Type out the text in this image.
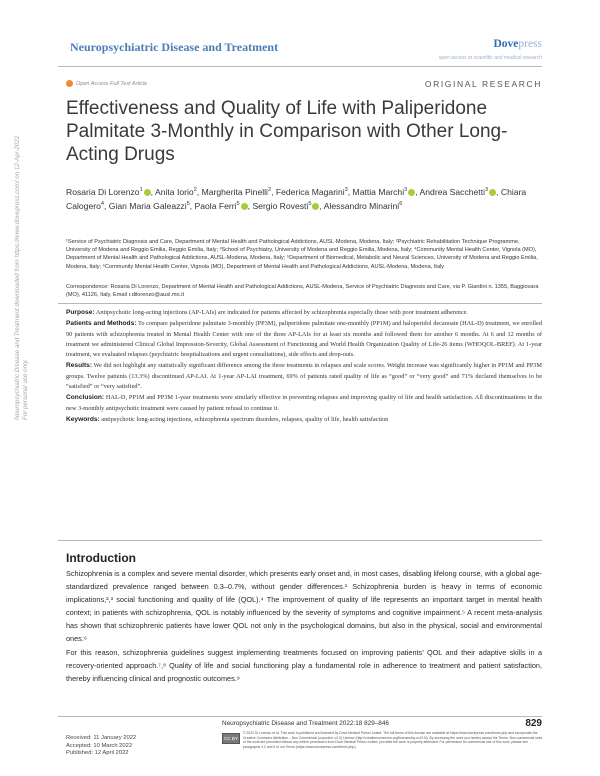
Neuropsychiatric Disease and Treatment	Dovepress
open access to scientific and medical research
Open Access Full Text Article	ORIGINAL RESEARCH
Effectiveness and Quality of Life with Paliperidone Palmitate 3-Monthly in Comparison with Other Long-Acting Drugs
Rosaria Di Lorenzo$^1$ , Anita Iorio$^2$, Margherita Pinelli$^2$, Federica Magarini$^3$, Mattia Marchi$^3$ , Andrea Sacchetti$^3$ , Chiara Calogero$^4$, Gian Maria Galeazzi$^5$, Paola Ferri$^5$ , Sergio Rovesti$^5$ , Alessandro Minarini$^6$
¹Service of Psychiatric Diagnosis and Care, Department of Mental Health and Pathological Addictions, AUSL-Modena, Modena, Italy; ²Psychiatric Rehabilitation Technique Programme, University of Modena and Reggio Emilia, Reggio Emilia, Italy; ³School of Psychiatry, University of Modena and Reggio Emilia, Modena, Italy; ⁴Community Mental Health Center, Vignola (MO), Department of Mental Health and Pathological Addictions, AUSL-Modena, Modena, Italy; ⁵Department of Biomedical, Metabolic and Neural Sciences, University of Modena and Reggio Emilia, Modena, Italy; ⁶Community Mental Health Center, Vignola (MO), Department of Mental Health and Pathological Addictions, AUSL-Modena, Modena, Italy
Correspondence: Rosaria Di Lorenzo, Department of Mental Health and Pathological Addictions, AUSL-Modena, Service of Psychiatric Diagnosis and Care, via P. Giardini n. 1355, Baggiovara (MO), 41126, Italy, Email r.dilorenzo@ausl.mo.it

Purpose: Antipsychotic long-acting injections (AP-LAIs) are indicated for patients affected by schizophrenia especially those with poor treatment adherence.

Patients and Methods: To compare paliperidone palmitate 3-monthly (PP3M), paliperidone palmitate one-monthly (PP1M) and haloperidol decanoate (HAL-D) treatment, we enrolled 90 patients with schizophrenia treated in Mental Health Center with one of the three AP-LAIs for at least six months and followed them for another 6 months. At 6 and 12 months of treatment we administered Clinical Global Impression-Severity, Global Assessment of Functioning and World Health Organization Quality of Life-26 items (WHOQOL-BREF). At 1-year treatment, we evaluated relapses (psychiatric hospitalizations and urgent consultations), side effects and drop-outs.

Results: We did not highlight any statistically significant difference among the three treatments in relapses and scale scores. Weight increase was significantly higher in PP1M and PP3M groups. Twelve patients (13.3%) discontinued AP-LAI. At 1-year AP-LAI treatment, 69% of patients rated quality of life as “good” or “very good” and 71% declared themselves to be “satisfied” or “very satisfied”.

Conclusion: HAL-D, PP1M and PP3M 1-year treatments were similarly effective in preventing relapses and improving quality of life and health satisfaction. All discontinuations in the new 3-monthly antipsychotic treatment were caused by patient refusal to continue it.

Keywords: antipsychotic long-acting injections, schizophrenia spectrum disorders, relapses, quality of life, health satisfaction

Introduction

Schizophrenia is a complex and severe mental disorder, which presents early onset and, in most cases, disabling lifelong course, with a global age-standardized prevalence ranged between 0.3–0.7%, without gender differences.¹ Schizophrenia burden is heavy in terms of economic implications,²,³ social functioning and quality of life (QOL).⁴ The improvement of quality of life represents an important target in mental health context; in patients with schizophrenia, QOL is notably influenced by the severity of symptoms and cognitive impairment.⁵ A recent meta-analysis has shown that schizophrenic patients have lower QOL not only in the psychological domains, but also in the physical, social and environmental ones.⁶

For this reason, schizophrenia guidelines suggest implementing treatments focused on improving patients’ QOL and their adaptive skills in a recovery-oriented approach.⁷,⁸ Quality of life and social functioning play a fundamental role in adherence to treatment and patient satisfaction, thereby influencing clinical and prognostic outcomes.⁹

Received: 11 January 2022
Accepted: 10 March 2022
Published: 12 April 2022
Neuropsychiatric Disease and Treatment 2022:18 829–846	829
CC BY NC
© 2022 Di Lorenzo et al. This work is published and licensed by Dove Medical Press Limited. The full terms of this license are available at https://www.dovepress.com/terms.php and incorporate the Creative Commons Attribution – Non Commercial (unported, v3.0) License (http://creativecommons.org/licenses/by-nc/3.0/). By accessing the work you hereby accept the Terms. Non-commercial uses of the work are permitted without any further permission from Dove Medical Press Limited, provided the work is properly attributed. For permission for commercial use of this work, please see paragraphs 4.2 and 5 of our Terms (https://www.dovepress.com/terms.php).
Neuropsychiatric Disease and Treatment downloaded from https://www.dovepress.com/ on 12-Apr-2022 For personal use only.
